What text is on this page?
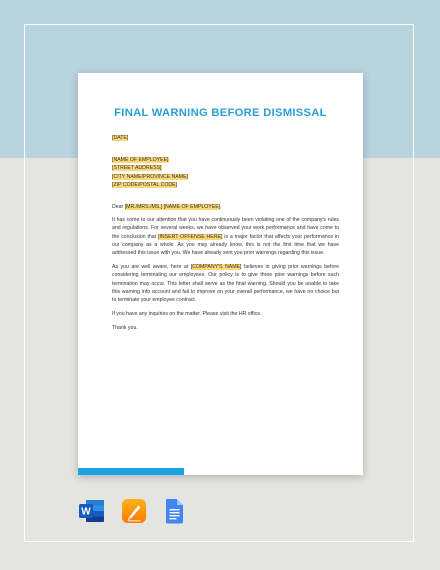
FINAL WARNING BEFORE DISMISSAL
[DATE]
[NAME OF EMPLOYEE]
[STREET ADDRESS]
[CITY NAME/PROVINCE NAME]
[ZIP CODE/POSTAL CODE]
Dear [MR./MRS./MS.] [NAME OF EMPLOYEE],

It has come to our attention that you have continuously been violating one of the company's rules and regulations. For several weeks, we have observed your work performance and have come to the conclusion that [INSERT OFFENSE HERE] is a major factor that affects your performance in our company as a whole. As you may already know, this is not the first time that we have addressed this issue with you. We have already sent you prior warnings regarding this issue.

As you are well aware, here at [COMPANY'S NAME] believes in giving prior warnings before considering terminating our employees. Our policy is to give three prior warnings before such termination may occur. This letter shall serve as the final warning. Should you be unable to take this warning into account and fail to improve on your overall performance, we have no choice but to terminate your employee contract.

If you have any inquiries on the matter. Please visit the HR office.

Thank you.

W
